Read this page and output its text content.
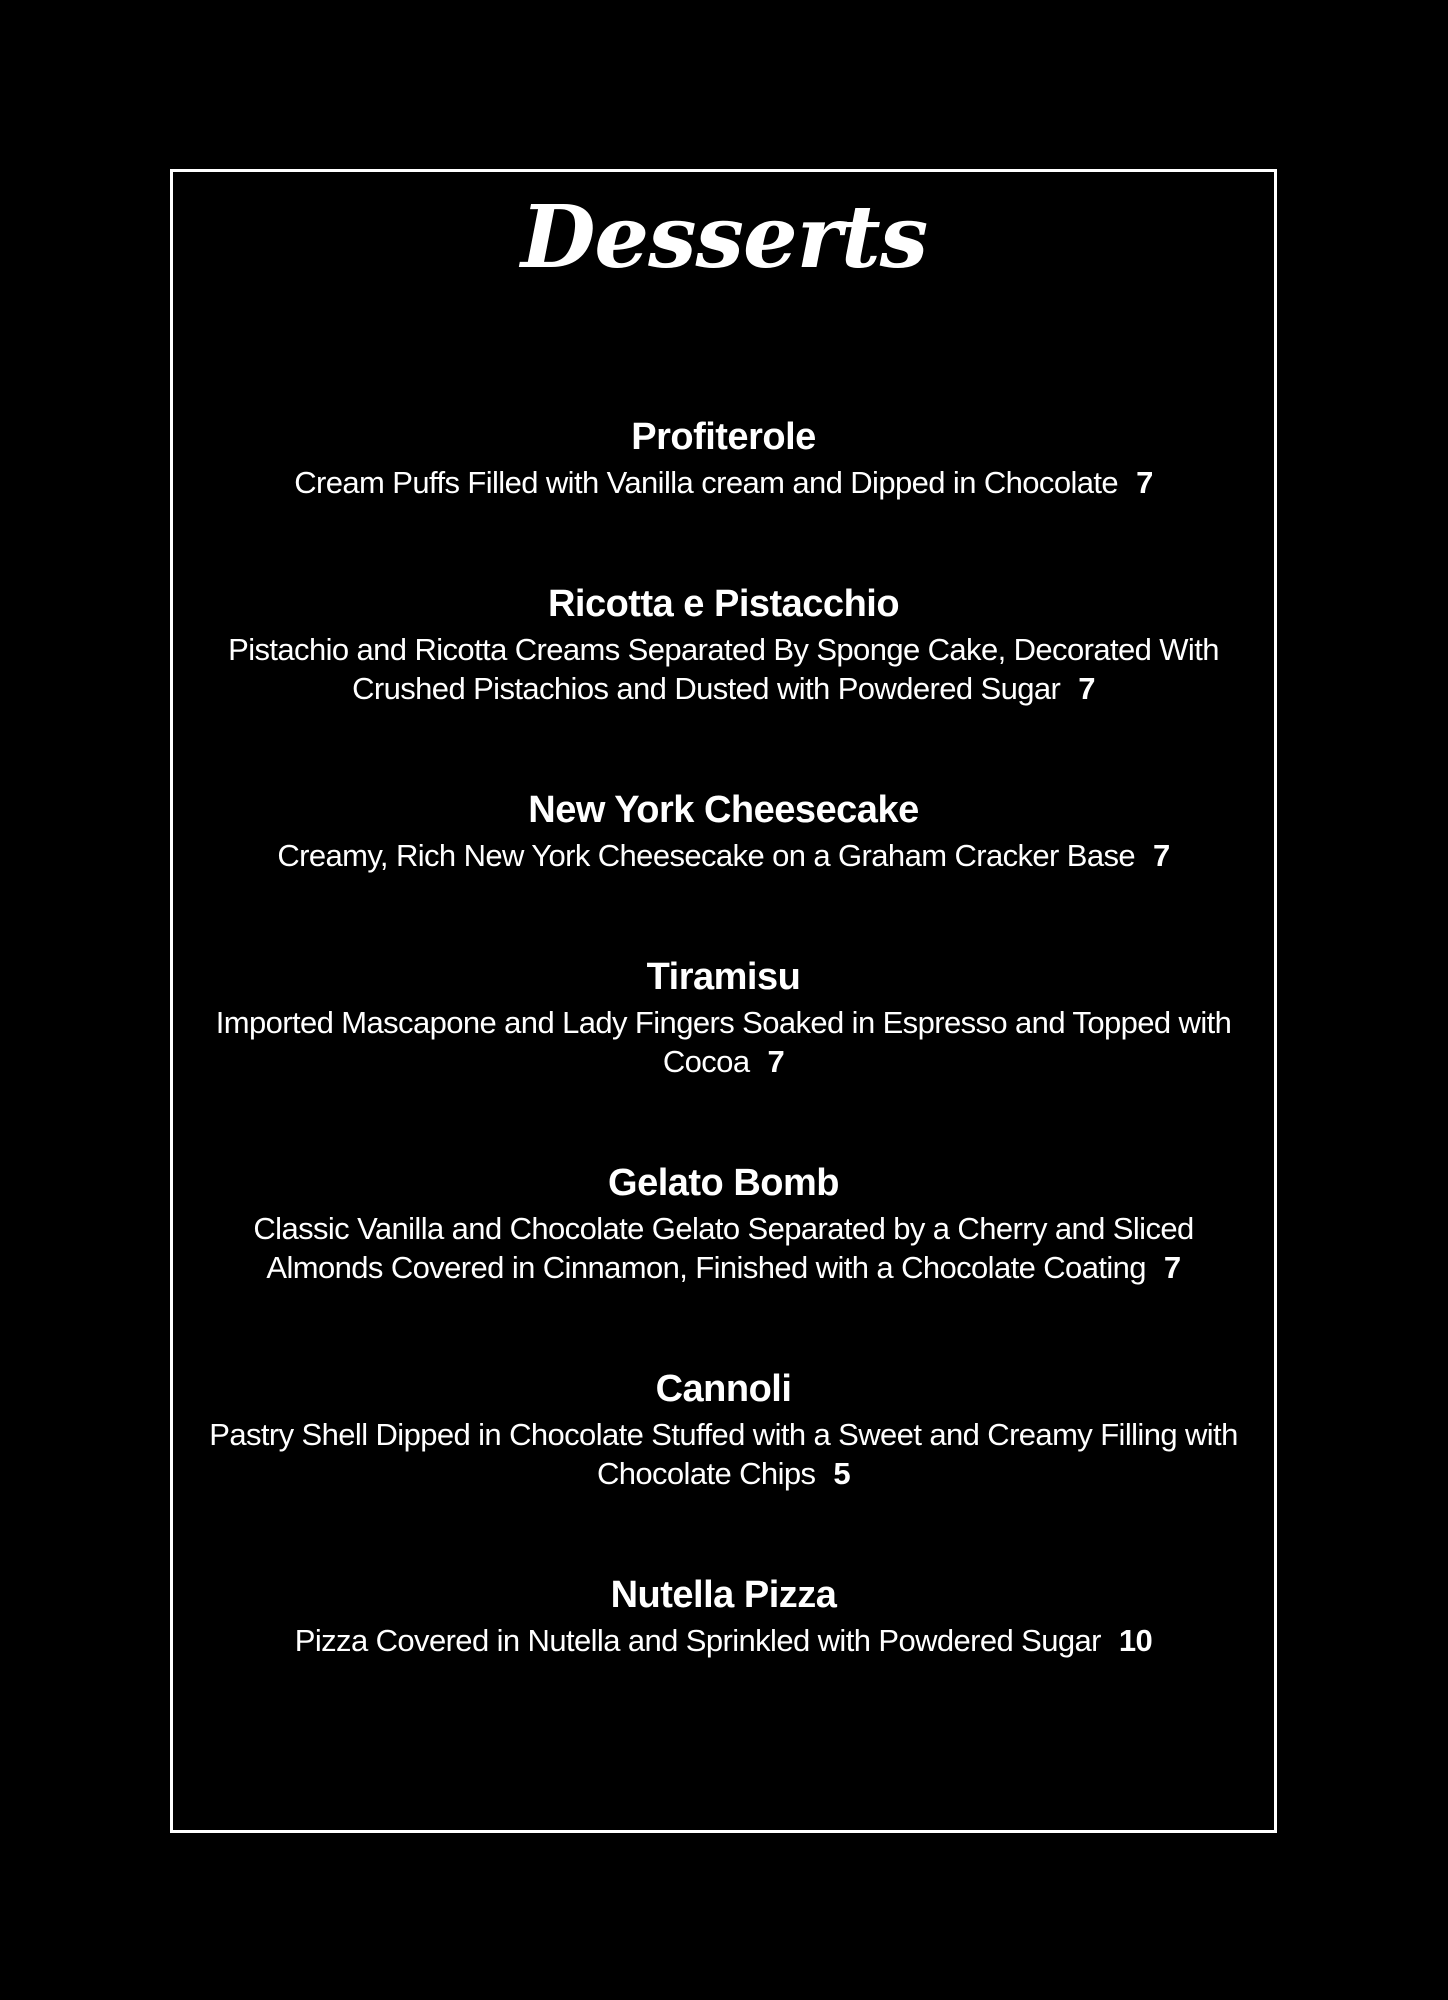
Desserts

Profiterole

Cream Puffs Filled with Vanilla cream and Dipped in Chocolate 7

Ricotta e Pistacchio

Pistachio and Ricotta Creams Separated By Sponge Cake, Decorated With Crushed Pistachios and Dusted with Powdered Sugar 7

New York Cheesecake

Creamy, Rich New York Cheesecake on a Graham Cracker Base 7

Tiramisu

Imported Mascapone and Lady Fingers Soaked in Espresso and Topped with Cocoa 7

Gelato Bomb

Classic Vanilla and Chocolate Gelato Separated by a Cherry and Sliced Almonds Covered in Cinnamon, Finished with a Chocolate Coating 7

Cannoli

Pastry Shell Dipped in Chocolate Stuffed with a Sweet and Creamy Filling with Chocolate Chips 5

Nutella Pizza

Pizza Covered in Nutella and Sprinkled with Powdered Sugar 10
